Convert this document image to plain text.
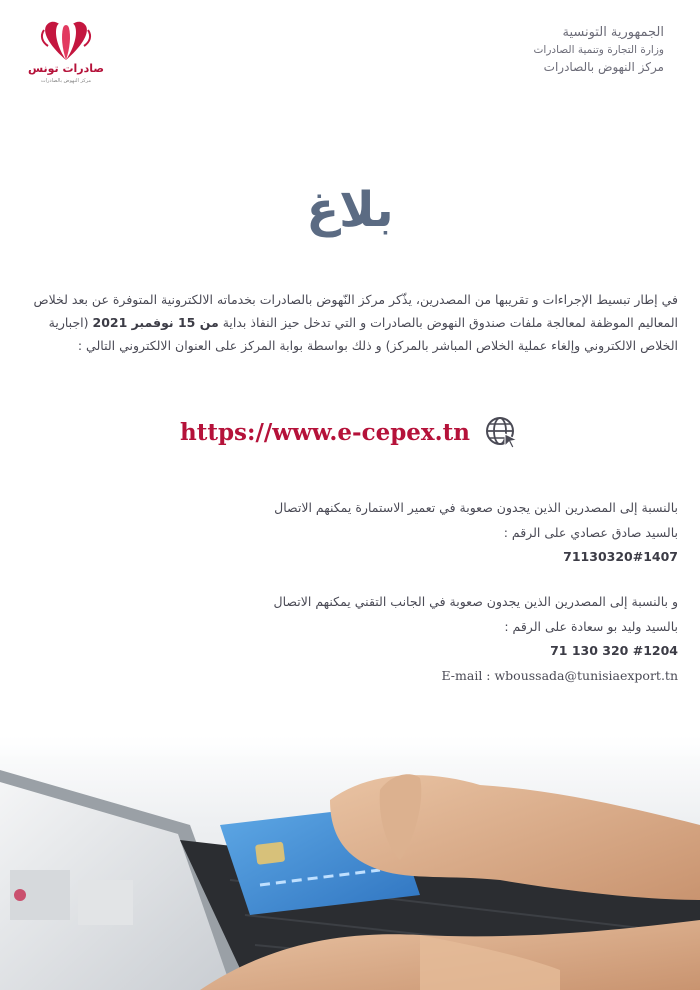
صادرات تونس
مركز النهوض بالصادرات
الجمهورية التونسية
وزارة التجارة وتنمية الصادرات
مركز النهوض بالصادرات
بلاغ

في إطار تبسيط الإجراءات و تقريبها من المصدرين، يذّكر مركز النّهوض بالصادرات بخدماته الالكترونية المتوفرة عن بعد لخلاص المعاليم الموظفة لمعالجة ملفات صندوق النهوض بالصادرات و التي تدخل حيز النفاذ بداية من 15 نوفمبر 2021 (اجبارية الخلاص الالكتروني وإلغاء عملية الخلاص المباشر بالمركز) و ذلك بواسطة بوابة المركز على العنوان الالكتروني التالي :

https://www.e-cepex.tn
بالنسبة إلى المصدرين الذين يجدون صعوبة في تعمير الاستمارة يمكنهم الاتصال
بالسيد صادق عصادي على الرقم :
71130320#1407
و بالنسبة إلى المصدرين الذين يجدون صعوبة في الجانب التقني يمكنهم الاتصال
بالسيد وليد بو سعادة على الرقم :
71 130 320 #1204
E-mail : wboussada@tunisiaexport.tn
